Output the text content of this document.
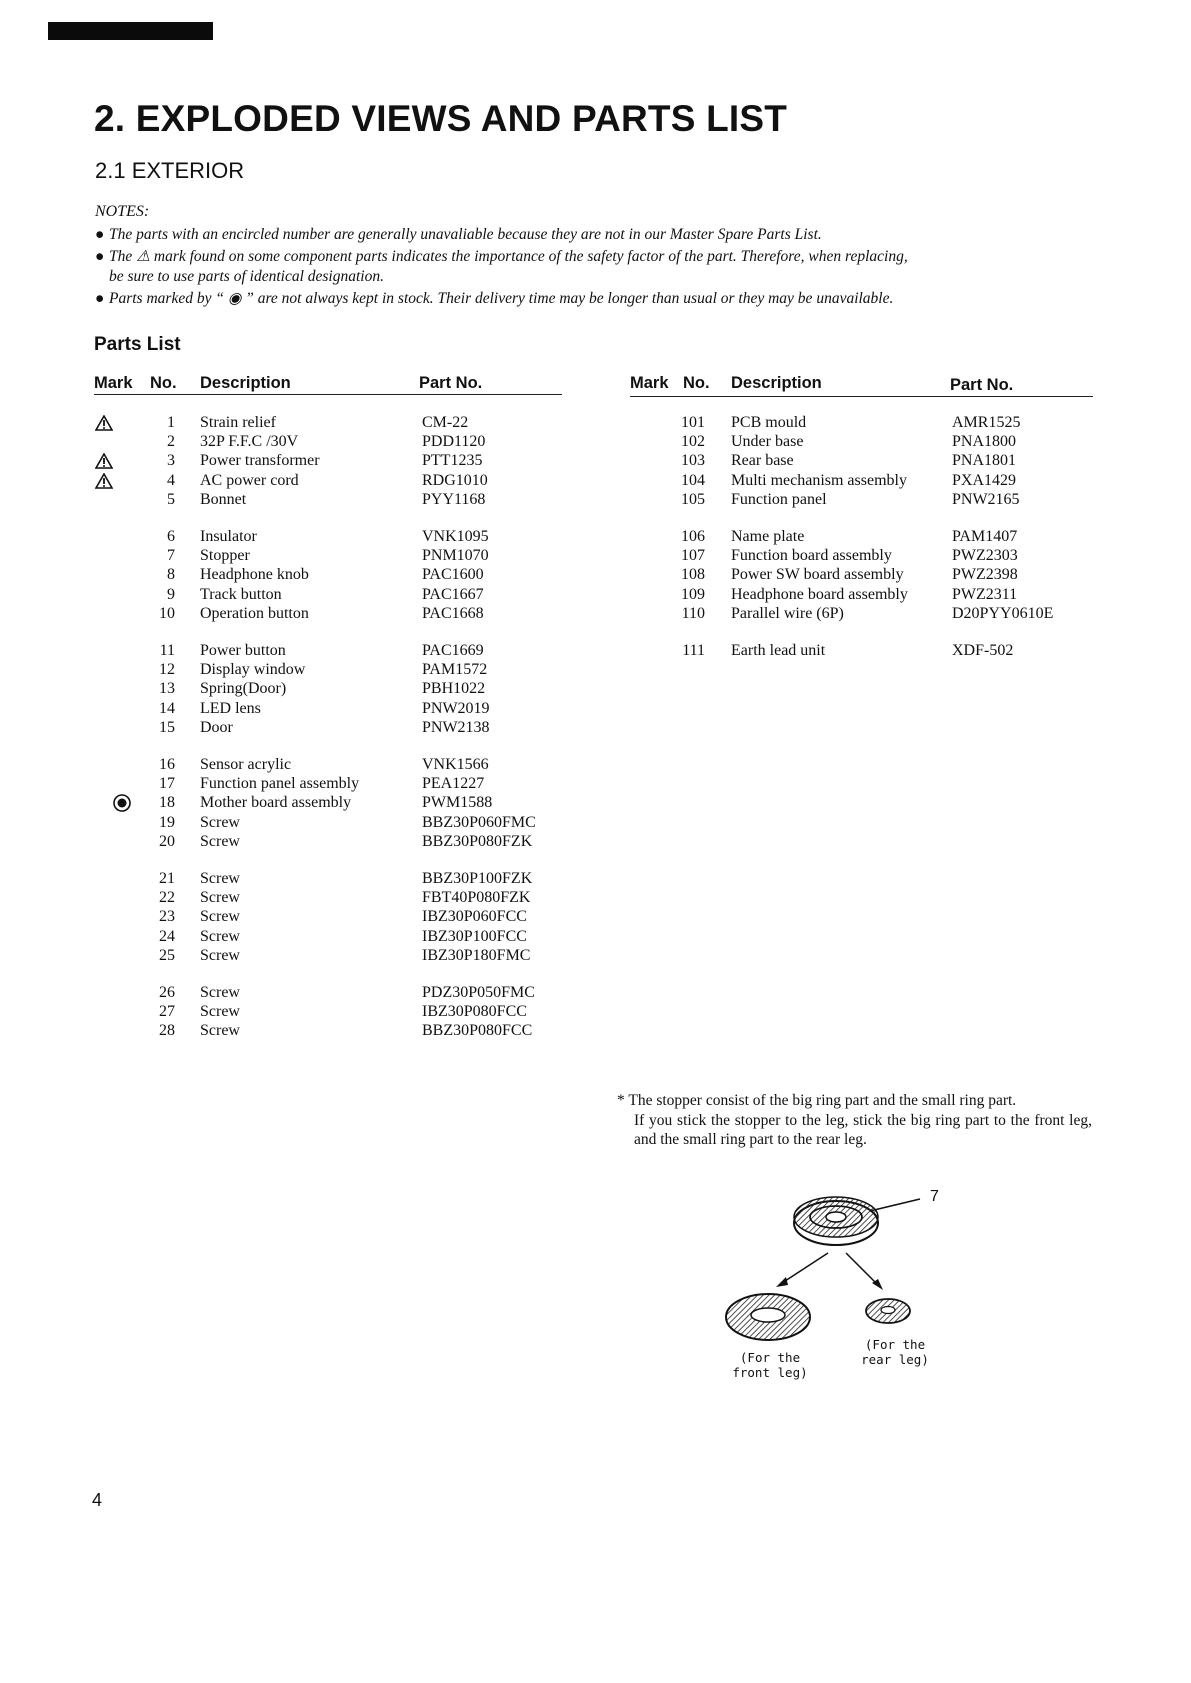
2. EXPLODED VIEWS AND PARTS LIST
2.1 EXTERIOR
NOTES:
● The parts with an encircled number are generally unavaliable because they are not in our Master Spare Parts List.
● The ⚠ mark found on some component parts indicates the importance of the safety factor of the part. Therefore, when replacing,
be sure to use parts of identical designation.
● Parts marked by “ ◉ ” are not always kept in stock. Their delivery time may be longer than usual or they may be unavailable.
Parts List
Mark No. Description	Part No.	Mark No. Description	Part No.
1 Strain relief	CM-22
2 32P F.F.C /30V	PDD1120
3 Power transformer	PTT1235
4 AC power cord	RDG1010
5 Bonnet	PYY1168
6 Insulator	VNK1095
7 Stopper	PNM1070
8 Headphone knob	PAC1600
9 Track button	PAC1667
10 Operation button	PAC1668
11 Power button	PAC1669
12 Display window	PAM1572
13 Spring(Door)	PBH1022
14 LED lens	PNW2019
15 Door	PNW2138
16 Sensor acrylic	VNK1566
17 Function panel assembly	PEA1227
18 Mother board assembly	PWM1588
19 Screw	BBZ30P060FMC
20 Screw	BBZ30P080FZK
21 Screw	BBZ30P100FZK
22 Screw	FBT40P080FZK
23 Screw	IBZ30P060FCC
24 Screw	IBZ30P100FCC
25 Screw	IBZ30P180FMC
26 Screw	PDZ30P050FMC
27 Screw	IBZ30P080FCC
28 Screw	BBZ30P080FCC
101 PCB mould	AMR1525
102 Under base	PNA1800
103 Rear base	PNA1801
104 Multi mechanism assembly	PXA1429
105 Function panel	PNW2165
106 Name plate	PAM1407
107 Function board assembly	PWZ2303
108 Power SW board assembly	PWZ2398
109 Headphone board assembly	PWZ2311
110 Parallel wire (6P)	D20PYY0610E
111 Earth lead unit	XDF-502

* The stopper consist of the big ring part and the small ring part.

If you stick the stopper to the leg, stick the big ring part to the front leg, and the small ring part to the rear leg.

7
(For the
front leg)
(For the
rear leg)
4
